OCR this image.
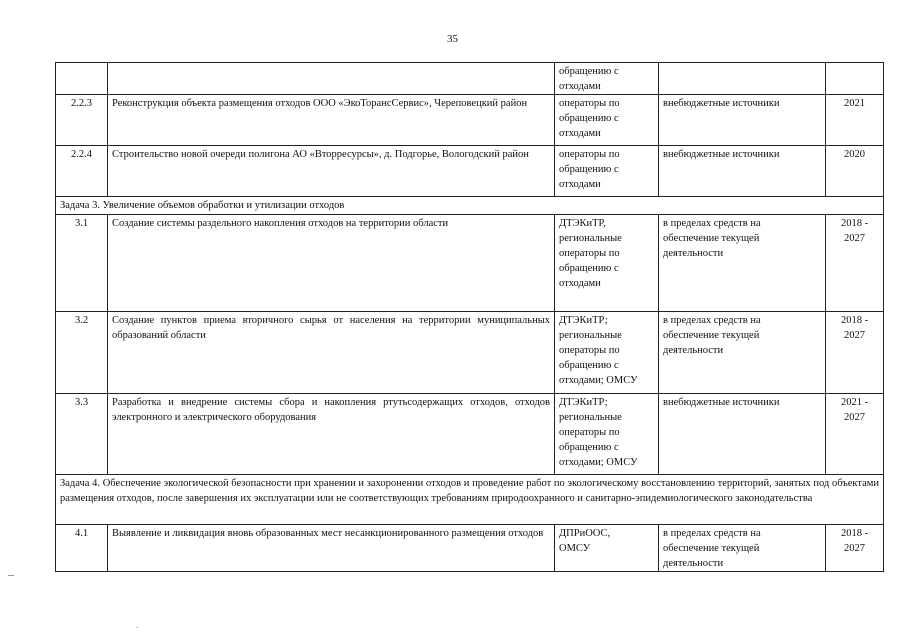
35

		обращению с
отходами		

2.2.3	Реконструкция объекта размещения отходов ООО «ЭкоТорансСервис», Череповецкий район	операторы по
обращению с
отходами	внебюджетные источники	2021
2.2.4	Строительство новой очереди полигона АО «Вторресурсы», д. Подгорье, Вологодский район	операторы по
обращению с
отходами	внебюджетные источники	2020
Задача 3. Увеличение объемов обработки и утилизации отходов				
3.1	Создание системы раздельного накопления отходов на территории области	ДТЭКиТР,
региональные
операторы по
обращению с
отходами	в пределах средств на
обеспечение текущей
деятельности	2018 -
2027

3.2	Создание пунктов приема вторичного сырья от населения на территории муниципальных образований области	ДТЭКиТР;
региональные
операторы по
обращению с
отходами; ОМСУ	в пределах средств на
обеспечение текущей
деятельности	2018 -
2027

3.3	Разработка и внедрение системы сбора и накопления ртутьсодержащих отходов, отходов электронного и электрического оборудования	ДТЭКиТР;
региональные
операторы по
обращению с
отходами; ОМСУ	внебюджетные источники	2021 -
2027

Задача 4. Обеспечение экологической безопасности при хранении и захоронении отходов и проведение работ по экологическому восстановлению территорий, занятых под объектами размещения отходов, после завершения их эксплуатации или не соответствующих требованиям природоохранного и санитарно-эпидемиологического законодательства				
4.1	Выявление и ликвидация вновь образованных мест несанкционированного размещения отходов	ДПРиООС,
ОМСУ	в пределах средств на
обеспечение текущей
деятельности	2018 -
2027
